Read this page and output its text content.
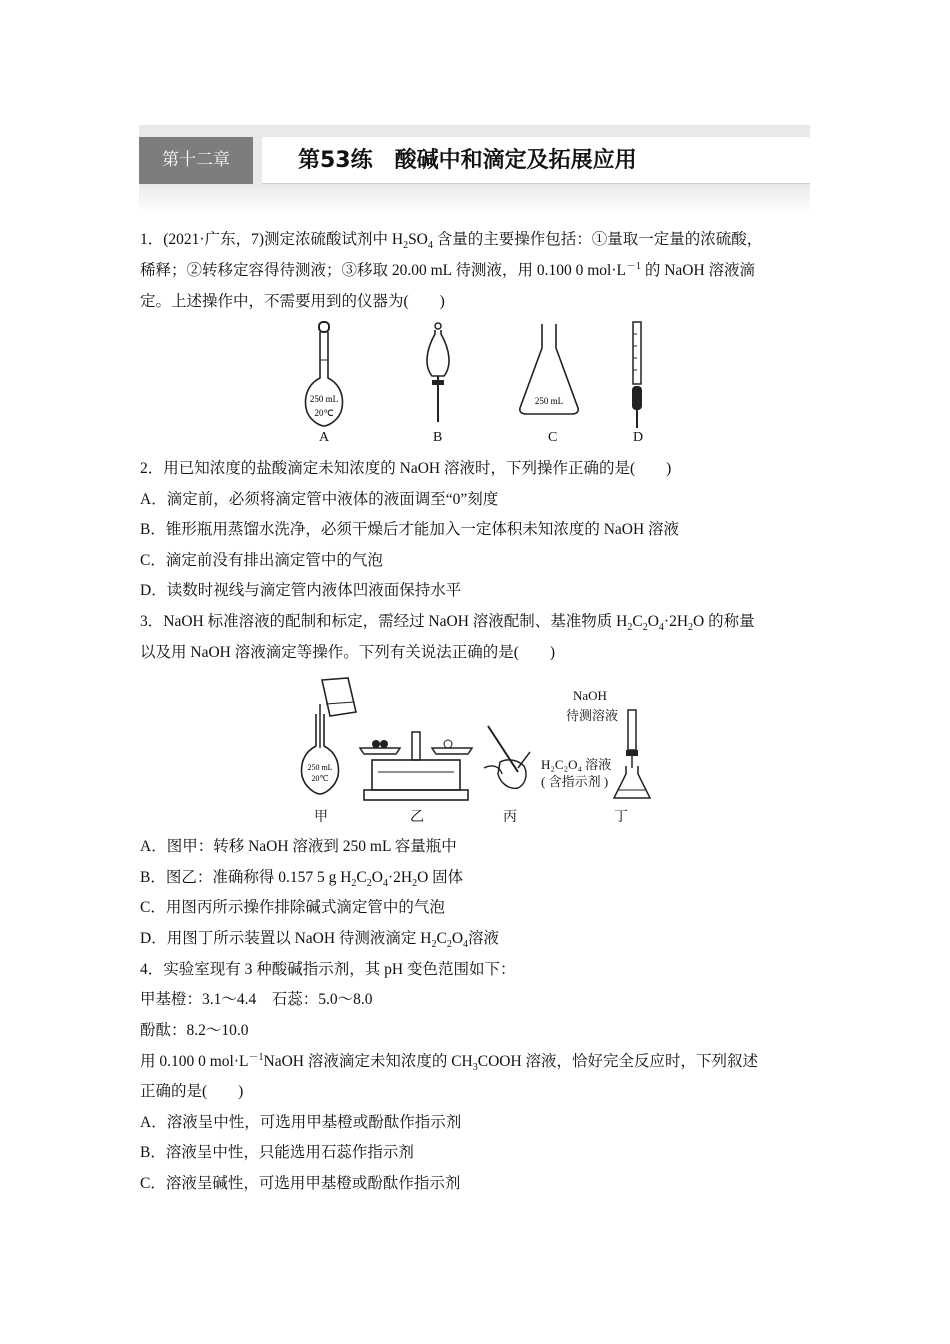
第十二章	第53练　酸碱中和滴定及拓展应用
1．(2021·广东，7)测定浓硫酸试剂中 $H_2SO_4$ 含量的主要操作包括：①量取一定量的浓硫酸，
稀释；②转移定容得待测液；③移取 20.00 mL 待测液，用 0.100 0 $mol\cdot L^{-1}$ 的 NaOH 溶液滴
定。上述操作中，不需要用到的仪器为(　　)
250 mL
20℃
250 mL
A	B	C	D
2．用已知浓度的盐酸滴定未知浓度的 NaOH 溶液时，下列操作正确的是(　　)
A．滴定前，必须将滴定管中液体的液面调至“0”刻度
B．锥形瓶用蒸馏水洗净，必须干燥后才能加入一定体积未知浓度的 NaOH 溶液
C．滴定前没有排出滴定管中的气泡
D．读数时视线与滴定管内液体凹液面保持水平
3．NaOH 标准溶液的配制和标定，需经过 NaOH 溶液配制、基准物质 $H_2C_2O_4\cdot 2H_2O$ 的称量
以及用 NaOH 溶液滴定等操作。下列有关说法正确的是(　　)
250 mL
20℃
NaOH
待测溶液
H₂C₂O₄ 溶液
( 含指示剂 )
甲	乙	丙	丁
A．图甲：转移 NaOH 溶液到 250 mL 容量瓶中
B．图乙：准确称得 0.157 5 g $H_2C_2O_4\cdot 2H_2O$ 固体
C．用图丙所示操作排除碱式滴定管中的气泡
D．用图丁所示装置以 NaOH 待测液滴定 $H_2C_2O_4$溶液
4．实验室现有 3 种酸碱指示剂，其 pH 变色范围如下：
甲基橙：3.1～4.4　石蕊：5.0～8.0
酚酞：8.2～10.0
用 0.100 0 $mol\cdot L^{-1}NaOH$ 溶液滴定未知浓度的 $CH_3COOH$ 溶液，恰好完全反应时，下列叙述
正确的是(　　)
A．溶液呈中性，可选用甲基橙或酚酞作指示剂
B．溶液呈中性，只能选用石蕊作指示剂
C．溶液呈碱性，可选用甲基橙或酚酞作指示剂
